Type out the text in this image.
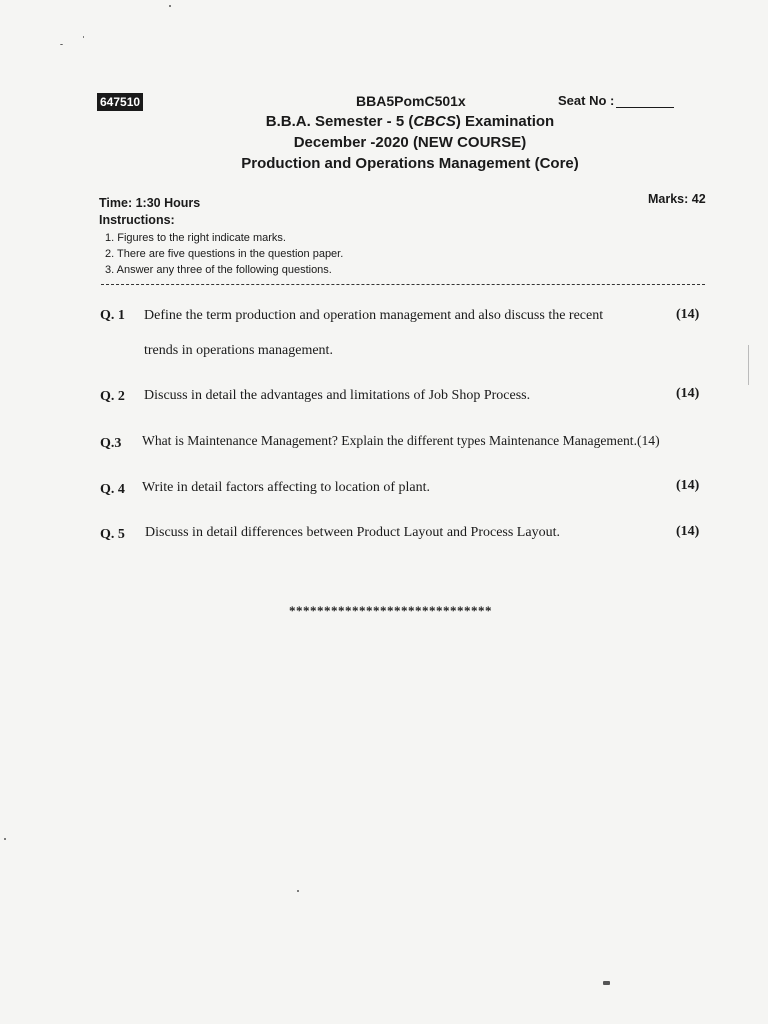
647510	BBA5PomC501x	Seat No :
B.B.A. Semester - 5 (CBCS) Examination
December -2020 (NEW COURSE)
Production and Operations Management (Core)
Time: 1:30 Hours	Marks: 42
Instructions:
1. Figures to the right indicate marks.
2. There are five questions in the question paper.
3. Answer any three of the following questions.
Q. 1 Define the term production and operation management and also discuss the recent	(14)
trends in operations management.
Q. 2 Discuss in detail the advantages and limitations of Job Shop Process.	(14)
Q.3 What is Maintenance Management? Explain the different types Maintenance Management.(14)
Q. 4 Write in detail factors affecting to location of plant.	(14)
Q. 5 Discuss in detail differences between Product Layout and Process Layout.	(14)
*****************************
